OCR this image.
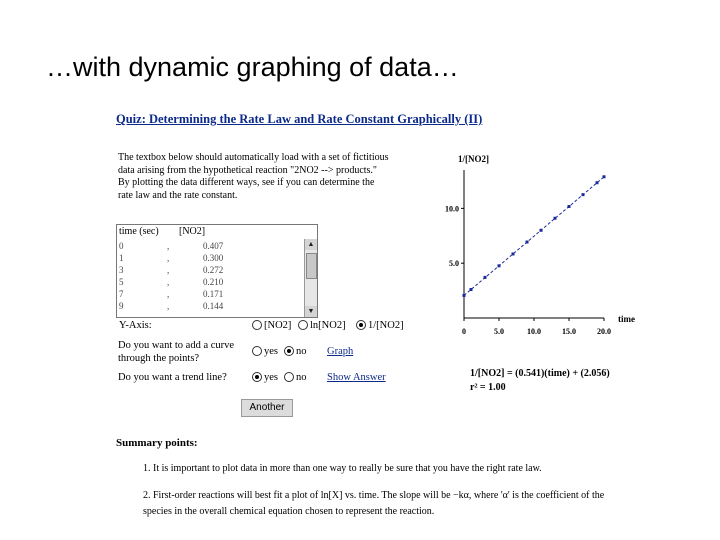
…with dynamic graphing of data…
Quiz: Determining the Rate Law and Rate Constant Graphically (II)
The textbox below should automatically load with a set of fictitious
data arising from the hypothetical reaction "2NO2 --> products."
By plotting the data different ways, see if you can determine the
rate law and the rate constant.
time (sec) [NO2]
0	,	0.407
1	,	0.300
3	,	0.272
5	,	0.210
7	,	0.171
9	,	0.144
▲
▼
Y-Axis:	[NO2]	ln[NO2]	1/[NO2]
Do you want to add a curve
through the points?
yes	no Graph
Do you want a trend line?	yes	no Show Answer
Another
1/[NO2]
time
0	5.0	10.0	15.0	20.0
5.0
10.0
1/[NO2] = (0.541)(time) + (2.056)
r² = 1.00
Summary points:
1. It is important to plot data in more than one way to really be sure that you have the right rate law.
2. First-order reactions will best fit a plot of ln[X] vs. time. The slope will be −kα, where 'α' is the coefficient of the
species in the overall chemical equation chosen to represent the reaction.
